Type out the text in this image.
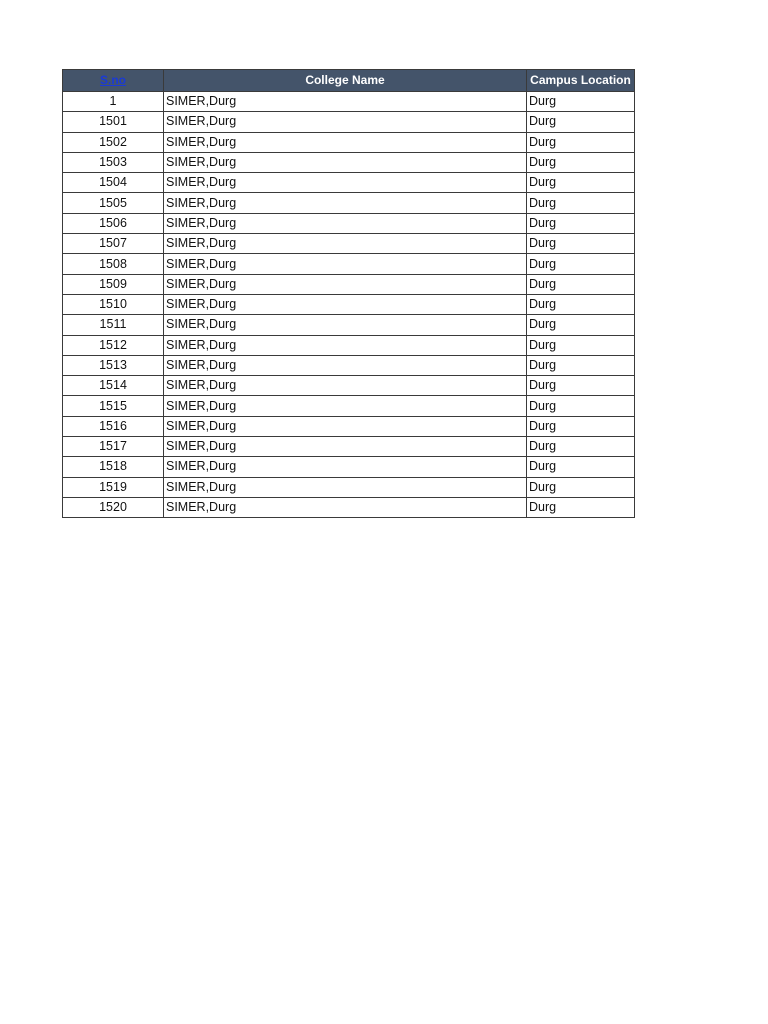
S.no	College Name	Campus Location
1	SIMER,Durg	Durg
1501	SIMER,Durg	Durg
1502	SIMER,Durg	Durg
1503	SIMER,Durg	Durg
1504	SIMER,Durg	Durg
1505	SIMER,Durg	Durg
1506	SIMER,Durg	Durg
1507	SIMER,Durg	Durg
1508	SIMER,Durg	Durg
1509	SIMER,Durg	Durg
1510	SIMER,Durg	Durg
1511	SIMER,Durg	Durg
1512	SIMER,Durg	Durg
1513	SIMER,Durg	Durg
1514	SIMER,Durg	Durg
1515	SIMER,Durg	Durg
1516	SIMER,Durg	Durg
1517	SIMER,Durg	Durg
1518	SIMER,Durg	Durg
1519	SIMER,Durg	Durg
1520	SIMER,Durg	Durg
